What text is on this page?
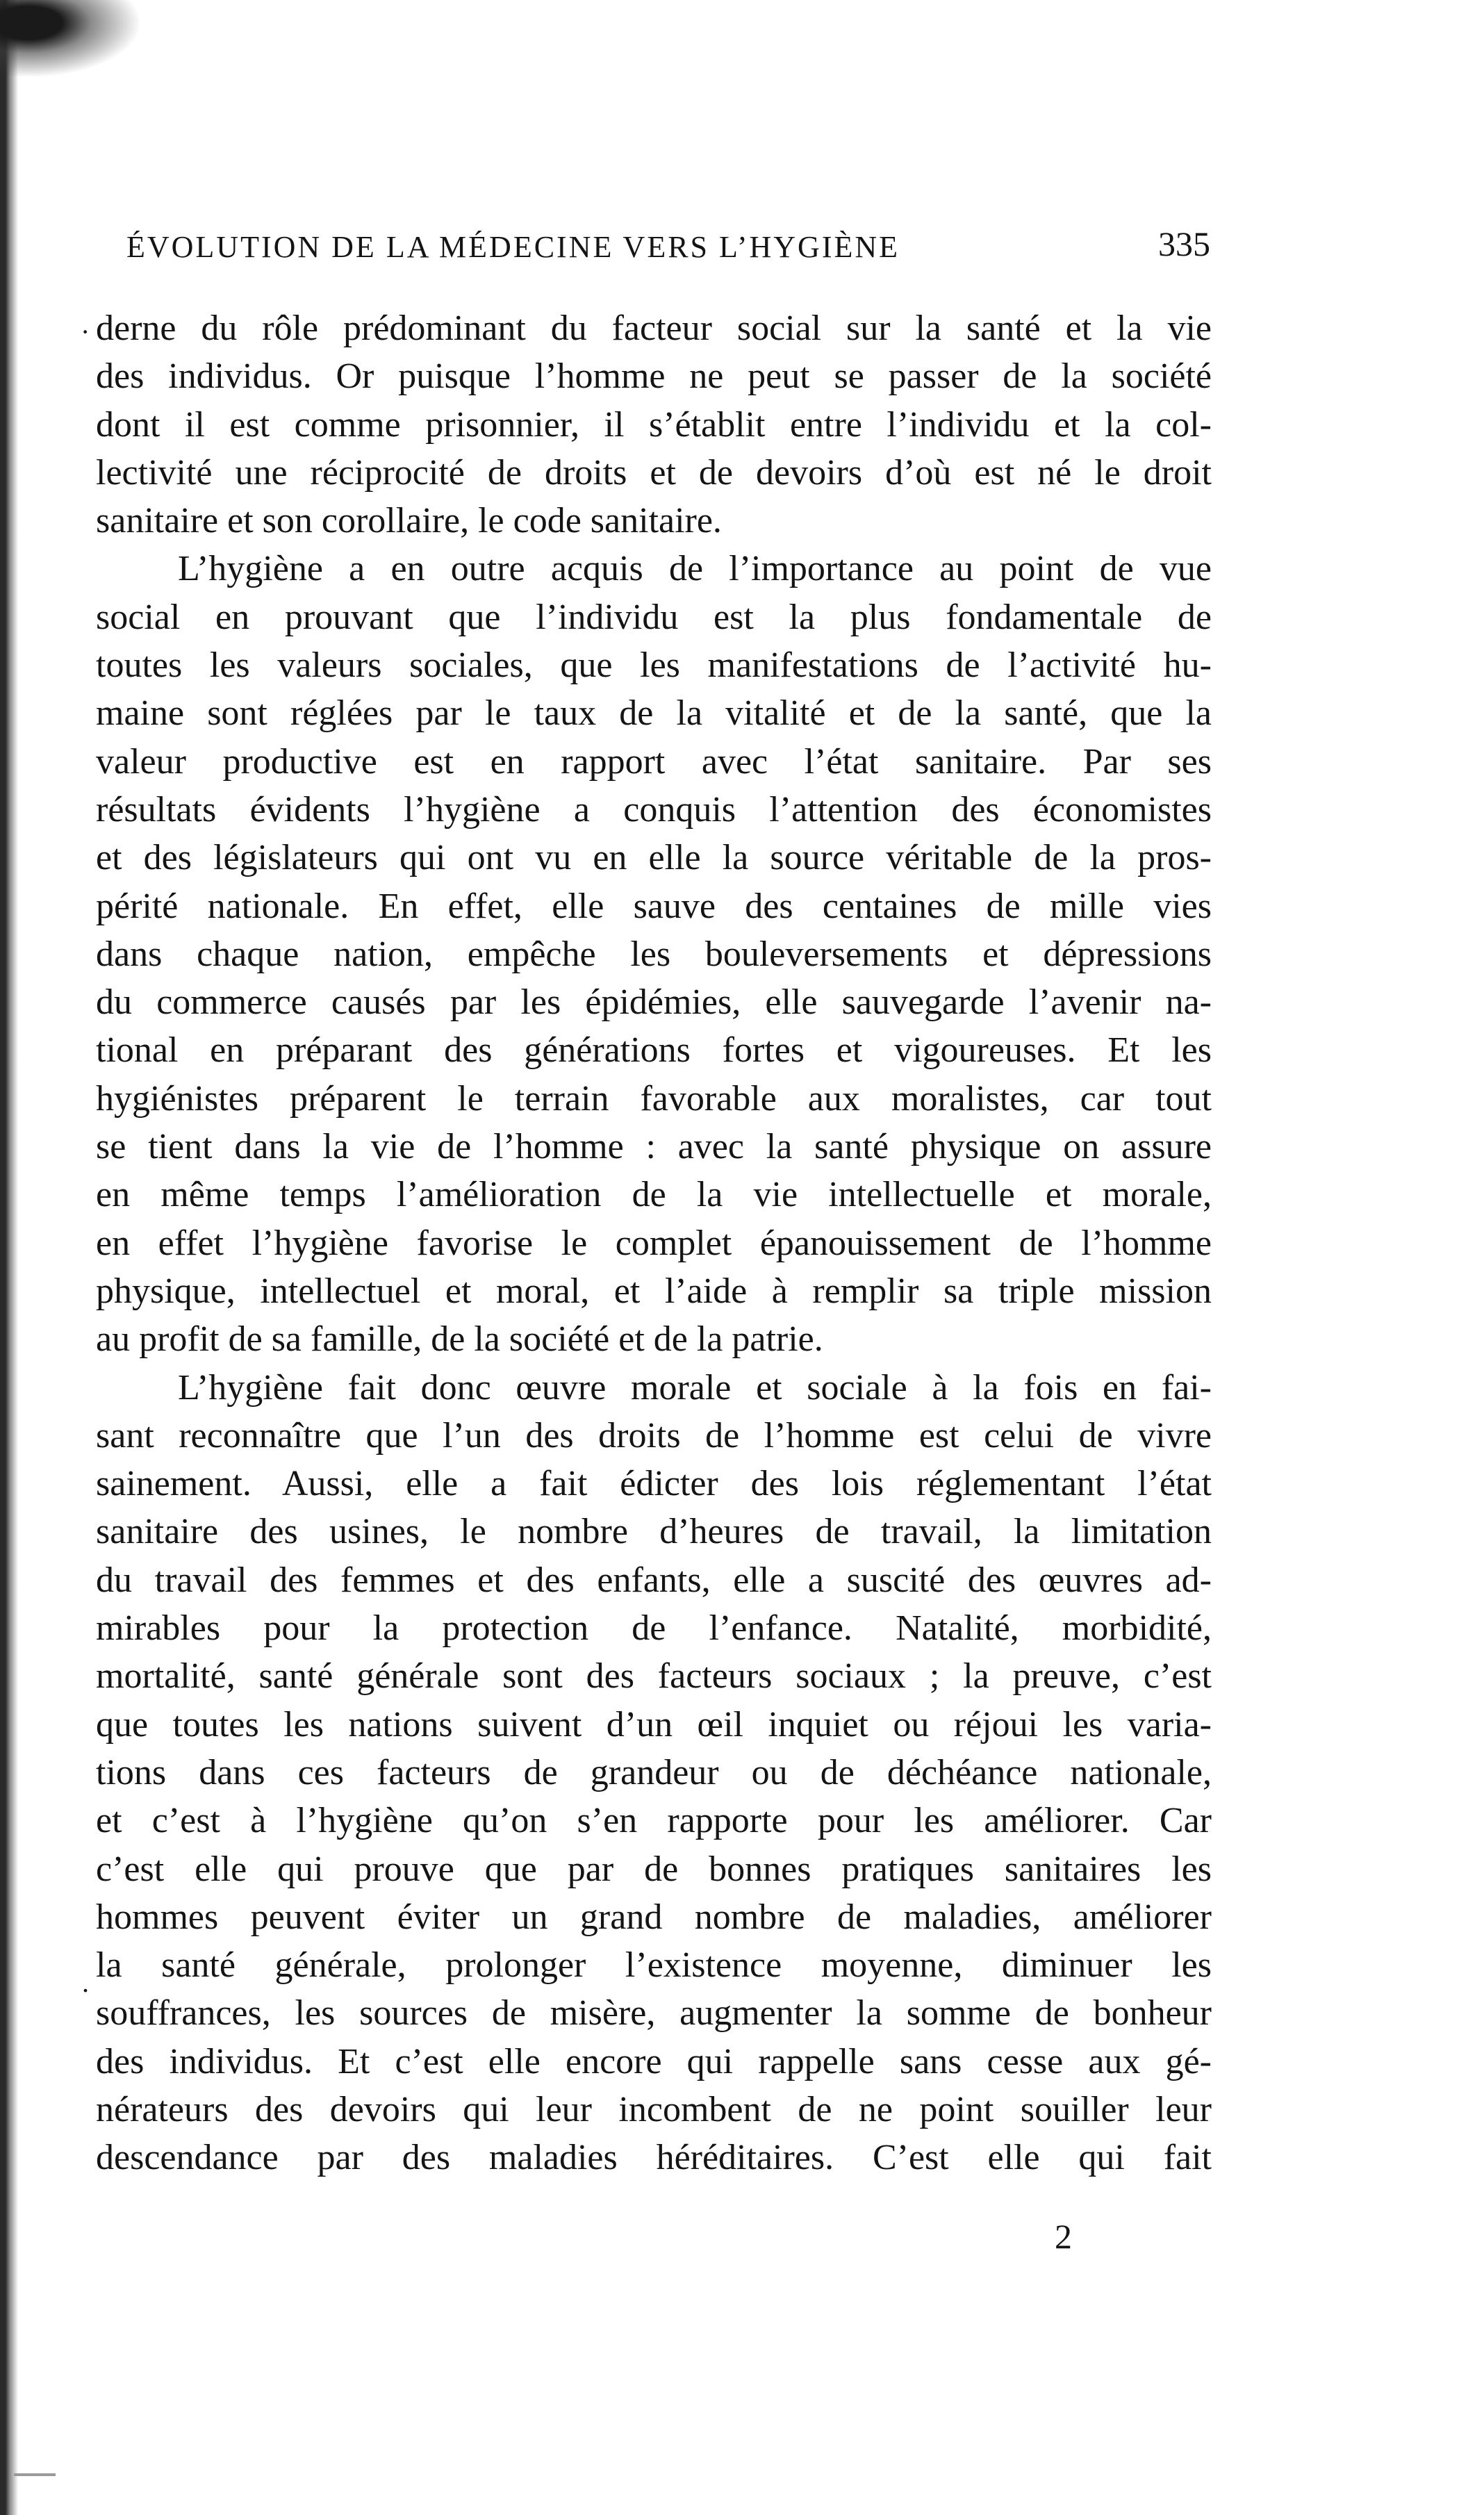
ÉVOLUTION DE LA MÉDECINE VERS L’HYGIÈNE	335
·
.
derne du rôle prédominant du facteur social sur la santé et la vie
des individus. Or puisque l’homme ne peut se passer de la société
dont il est comme prisonnier, il s’établit entre l’individu et la col-
lectivité une réciprocité de droits et de devoirs d’où est né le droit
sanitaire et son corollaire, le code sanitaire.
L’hygiène a en outre acquis de l’importance au point de vue
social en prouvant que l’individu est la plus fondamentale de
toutes les valeurs sociales, que les manifestations de l’activité hu-
maine sont réglées par le taux de la vitalité et de la santé, que la
valeur productive est en rapport avec l’état sanitaire. Par ses
résultats évidents l’hygiène a conquis l’attention des économistes
et des législateurs qui ont vu en elle la source véritable de la pros-
périté nationale. En effet, elle sauve des centaines de mille vies
dans chaque nation, empêche les bouleversements et dépressions
du commerce causés par les épidémies, elle sauvegarde l’avenir na-
tional en préparant des générations fortes et vigoureuses. Et les
hygiénistes préparent le terrain favorable aux moralistes, car tout
se tient dans la vie de l’homme : avec la santé physique on assure
en même temps l’amélioration de la vie intellectuelle et morale,
en effet l’hygiène favorise le complet épanouissement de l’homme
physique, intellectuel et moral, et l’aide à remplir sa triple mission
au profit de sa famille, de la société et de la patrie.
L’hygiène fait donc œuvre morale et sociale à la fois en fai-
sant reconnaître que l’un des droits de l’homme est celui de vivre
sainement. Aussi, elle a fait édicter des lois réglementant l’état
sanitaire des usines, le nombre d’heures de travail, la limitation
du travail des femmes et des enfants, elle a suscité des œuvres ad-
mirables pour la protection de l’enfance. Natalité, morbidité,
mortalité, santé générale sont des facteurs sociaux ; la preuve, c’est
que toutes les nations suivent d’un œil inquiet ou réjoui les varia-
tions dans ces facteurs de grandeur ou de déchéance nationale,
et c’est à l’hygiène qu’on s’en rapporte pour les améliorer. Car
c’est elle qui prouve que par de bonnes pratiques sanitaires les
hommes peuvent éviter un grand nombre de maladies, améliorer
la santé générale, prolonger l’existence moyenne, diminuer les
souffrances, les sources de misère, augmenter la somme de bonheur
des individus. Et c’est elle encore qui rappelle sans cesse aux gé-
nérateurs des devoirs qui leur incombent de ne point souiller leur
descendance par des maladies héréditaires. C’est elle qui fait
2
